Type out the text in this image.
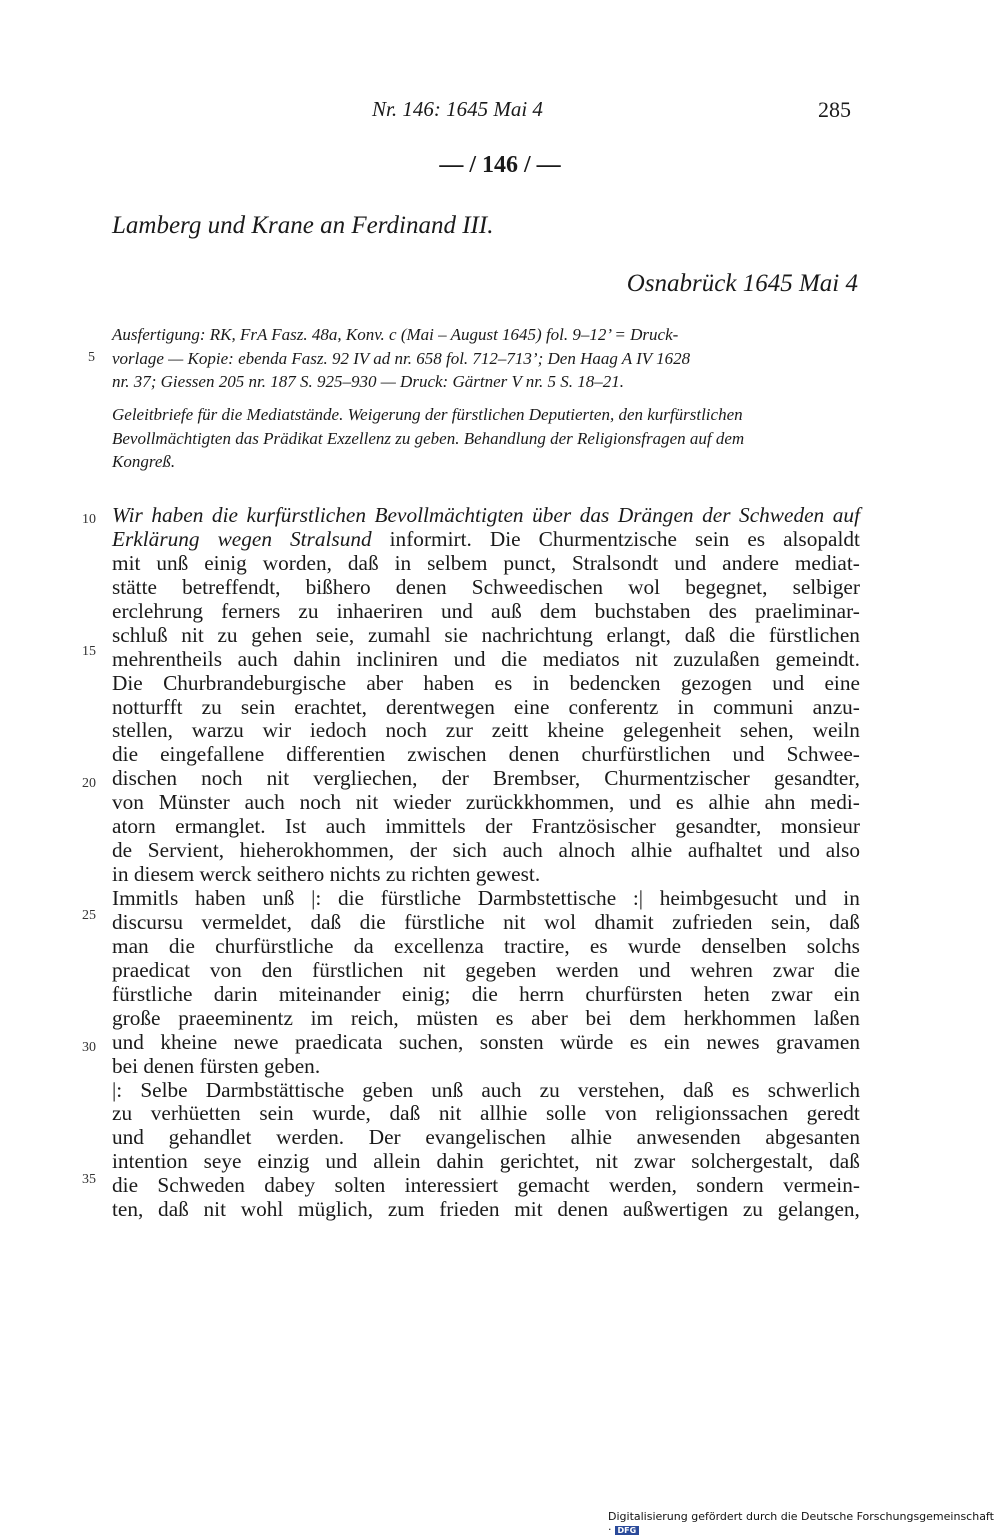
Nr. 146: 1645 Mai 4	285
— / 146 / —
Lamberg und Krane an Ferdinand III.
Osnabrück 1645 Mai 4

Ausfertigung: RK, FrA Fasz. 48a, Konv. c (Mai – August 1645) fol. 9–12’ = Druck-

vorlage — Kopie: ebenda Fasz. 92 IV ad nr. 658 fol. 712–713’; Den Haag A IV 1628

nr. 37; Giessen 205 nr. 187 S. 925–930 — Druck: Gärtner V nr. 5 S. 18–21.

5

Geleitbriefe für die Mediatstände. Weigerung der fürstlichen Deputierten, den kurfürstlichen

Bevollmächtigten das Prädikat Exzellenz zu geben. Behandlung der Religionsfragen auf dem

Kongreß.

10
15
20
25
30
35
Wir haben die kurfürstlichen Bevollmächtigten über das Drängen der Schweden auf
Erklärung wegen Stralsund informirt. Die Churmentzische sein es alsopaldt
mit unß einig worden, daß in selbem punct, Stralsondt und andere mediat-
stätte betreffendt, bißhero denen Schweedischen wol begegnet, selbiger
erclehrung ferners zu inhaeriren und auß dem buchstaben des praeliminar-
schluß nit zu gehen seie, zumahl sie nachrichtung erlangt, daß die fürstlichen
mehrentheils auch dahin incliniren und die mediatos nit zuzulaßen gemeindt.
Die Churbrandeburgische aber haben es in bedencken gezogen und eine
notturfft zu sein erachtet, derentwegen eine conferentz in communi anzu-
stellen, warzu wir iedoch noch zur zeitt kheine gelegenheit sehen, weiln
die eingefallene differentien zwischen denen churfürstlichen und Schwee-
dischen noch nit vergliechen, der Brembser, Churmentzischer gesandter,
von Münster auch noch nit wieder zurückkhommen, und es alhie ahn medi-
atorn ermanglet. Ist auch immittels der Frantzösischer gesandter, monsieur
de Servient, hieherokhommen, der sich auch alnoch alhie aufhaltet und also
in diesem werck seithero nichts zu richten gewest.
Immitls haben unß |: die fürstliche Darmbstettische :| heimbgesucht und in
discursu vermeldet, daß die fürstliche nit wol dhamit zufrieden sein, daß
man die churfürstliche da excellenza tractire, es wurde denselben solchs
praedicat von den fürstlichen nit gegeben werden und wehren zwar die
fürstliche darin miteinander einig; die herrn churfürsten heten zwar ein
große praeeminentz im reich, müsten es aber bei dem herkhommen laßen
und kheine newe praedicata suchen, sonsten würde es ein newes gravamen
bei denen fürsten geben.
|: Selbe Darmbstättische geben unß auch zu verstehen, daß es schwerlich
zu verhüetten sein wurde, daß nit allhie solle von religionssachen geredt
und gehandlet werden. Der evangelischen alhie anwesenden abgesanten
intention seye einzig und allein dahin gerichtet, nit zwar solchergestalt, daß
die Schweden dabey solten interessiert gemacht werden, sondern vermein-
ten, daß nit wohl müglich, zum frieden mit denen außwertigen zu gelangen,
Digitalisierung gefördert durch die Deutsche Forschungsgemeinschaft · DFG
